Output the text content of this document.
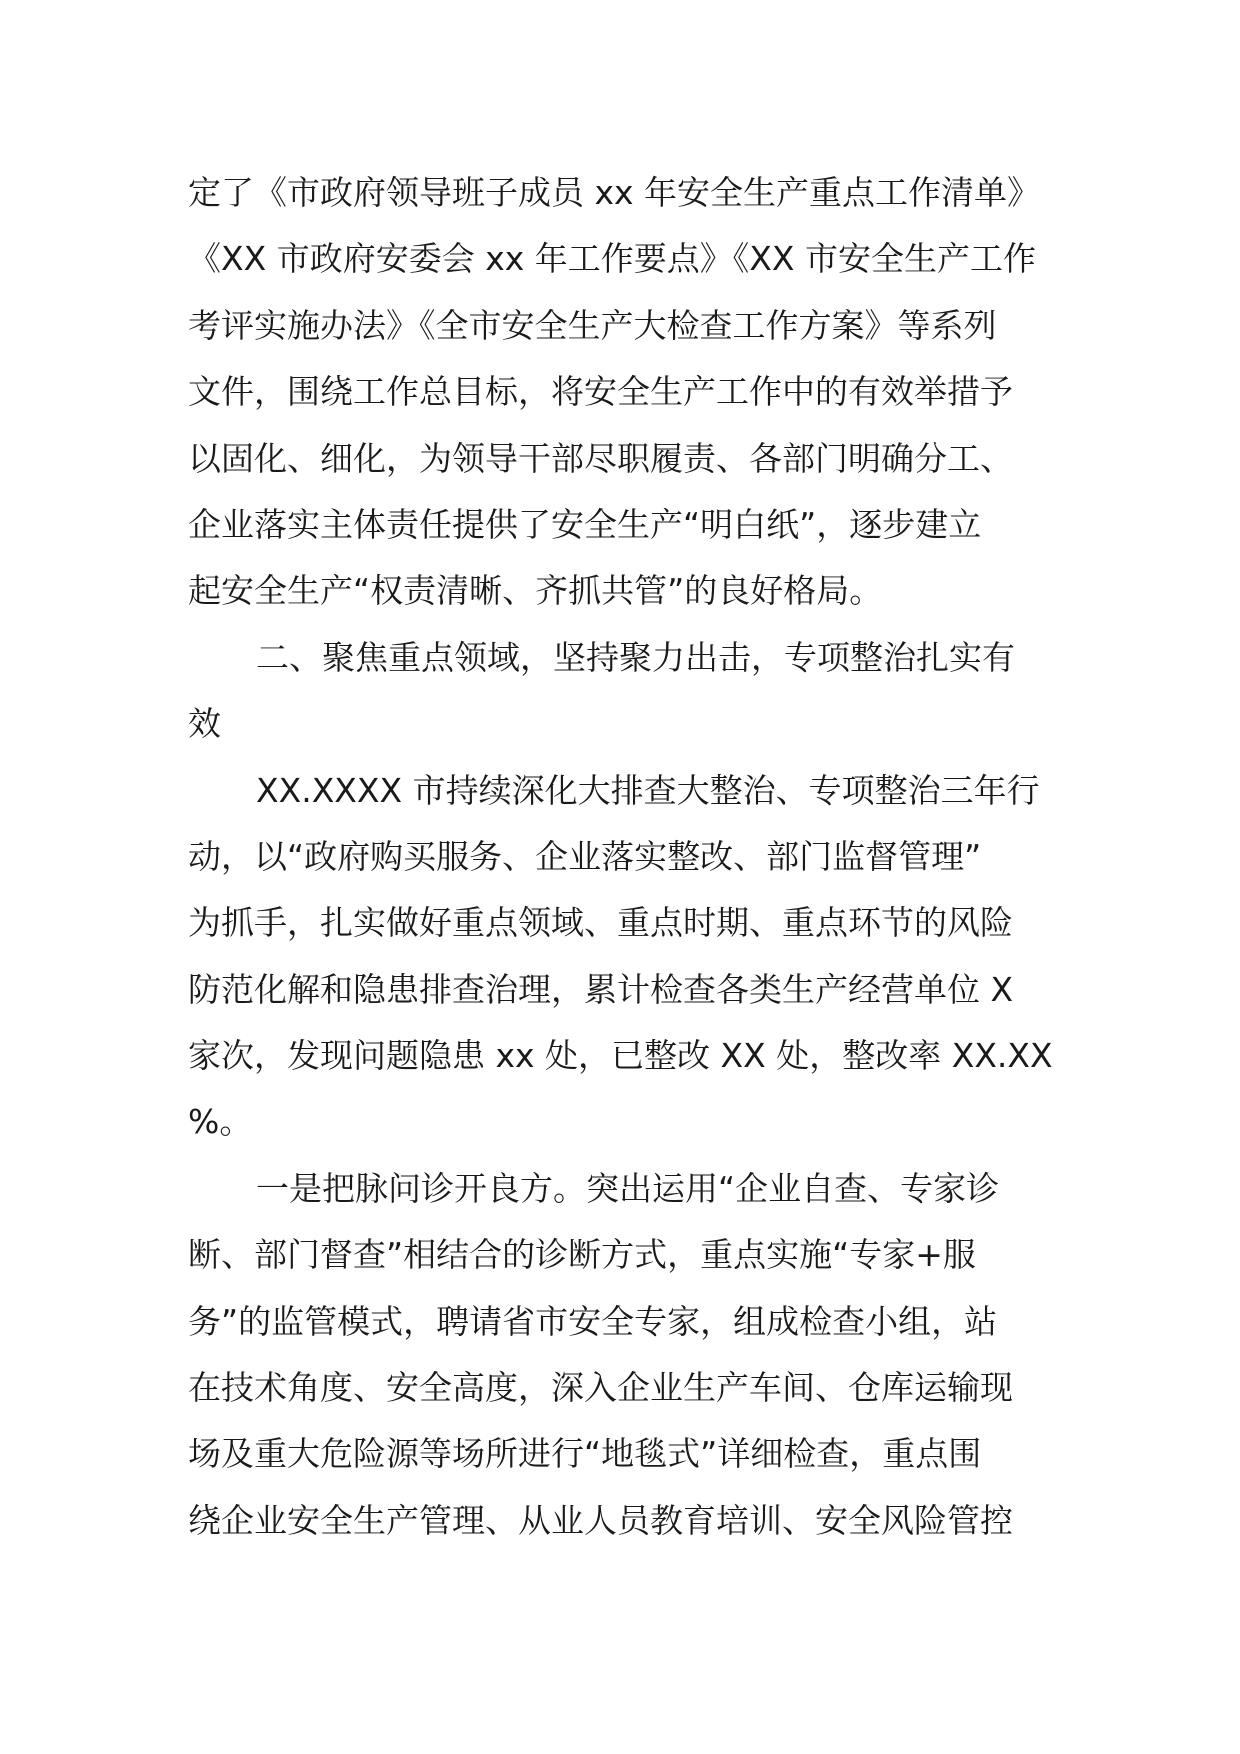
定了《市政府领导班子成员 xx 年安全生产重点工作清单》
《XX 市政府安委会 xx 年工作要点》《XX 市安全生产工作
考评实施办法》《全市安全生产大检查工作方案》等系列
文件，围绕工作总目标，将安全生产工作中的有效举措予
以固化、细化，为领导干部尽职履责、各部门明确分工、
企业落实主体责任提供了安全生产“明白纸”，逐步建立
起安全生产“权责清晰、齐抓共管”的良好格局。
二、聚焦重点领域，坚持聚力出击，专项整治扎实有
效
XX.XXXX 市持续深化大排查大整治、专项整治三年行
动，以“政府购买服务、企业落实整改、部门监督管理”
为抓手，扎实做好重点领域、重点时期、重点环节的风险
防范化解和隐患排查治理，累计检查各类生产经营单位 X
家次，发现问题隐患 xx 处，已整改 XX 处，整改率 XX.XX
%。
一是把脉问诊开良方。突出运用“企业自查、专家诊
断、部门督查”相结合的诊断方式，重点实施“专家+服
务”的监管模式，聘请省市安全专家，组成检查小组，站
在技术角度、安全高度，深入企业生产车间、仓库运输现
场及重大危险源等场所进行“地毯式”详细检查，重点围
绕企业安全生产管理、从业人员教育培训、安全风险管控
